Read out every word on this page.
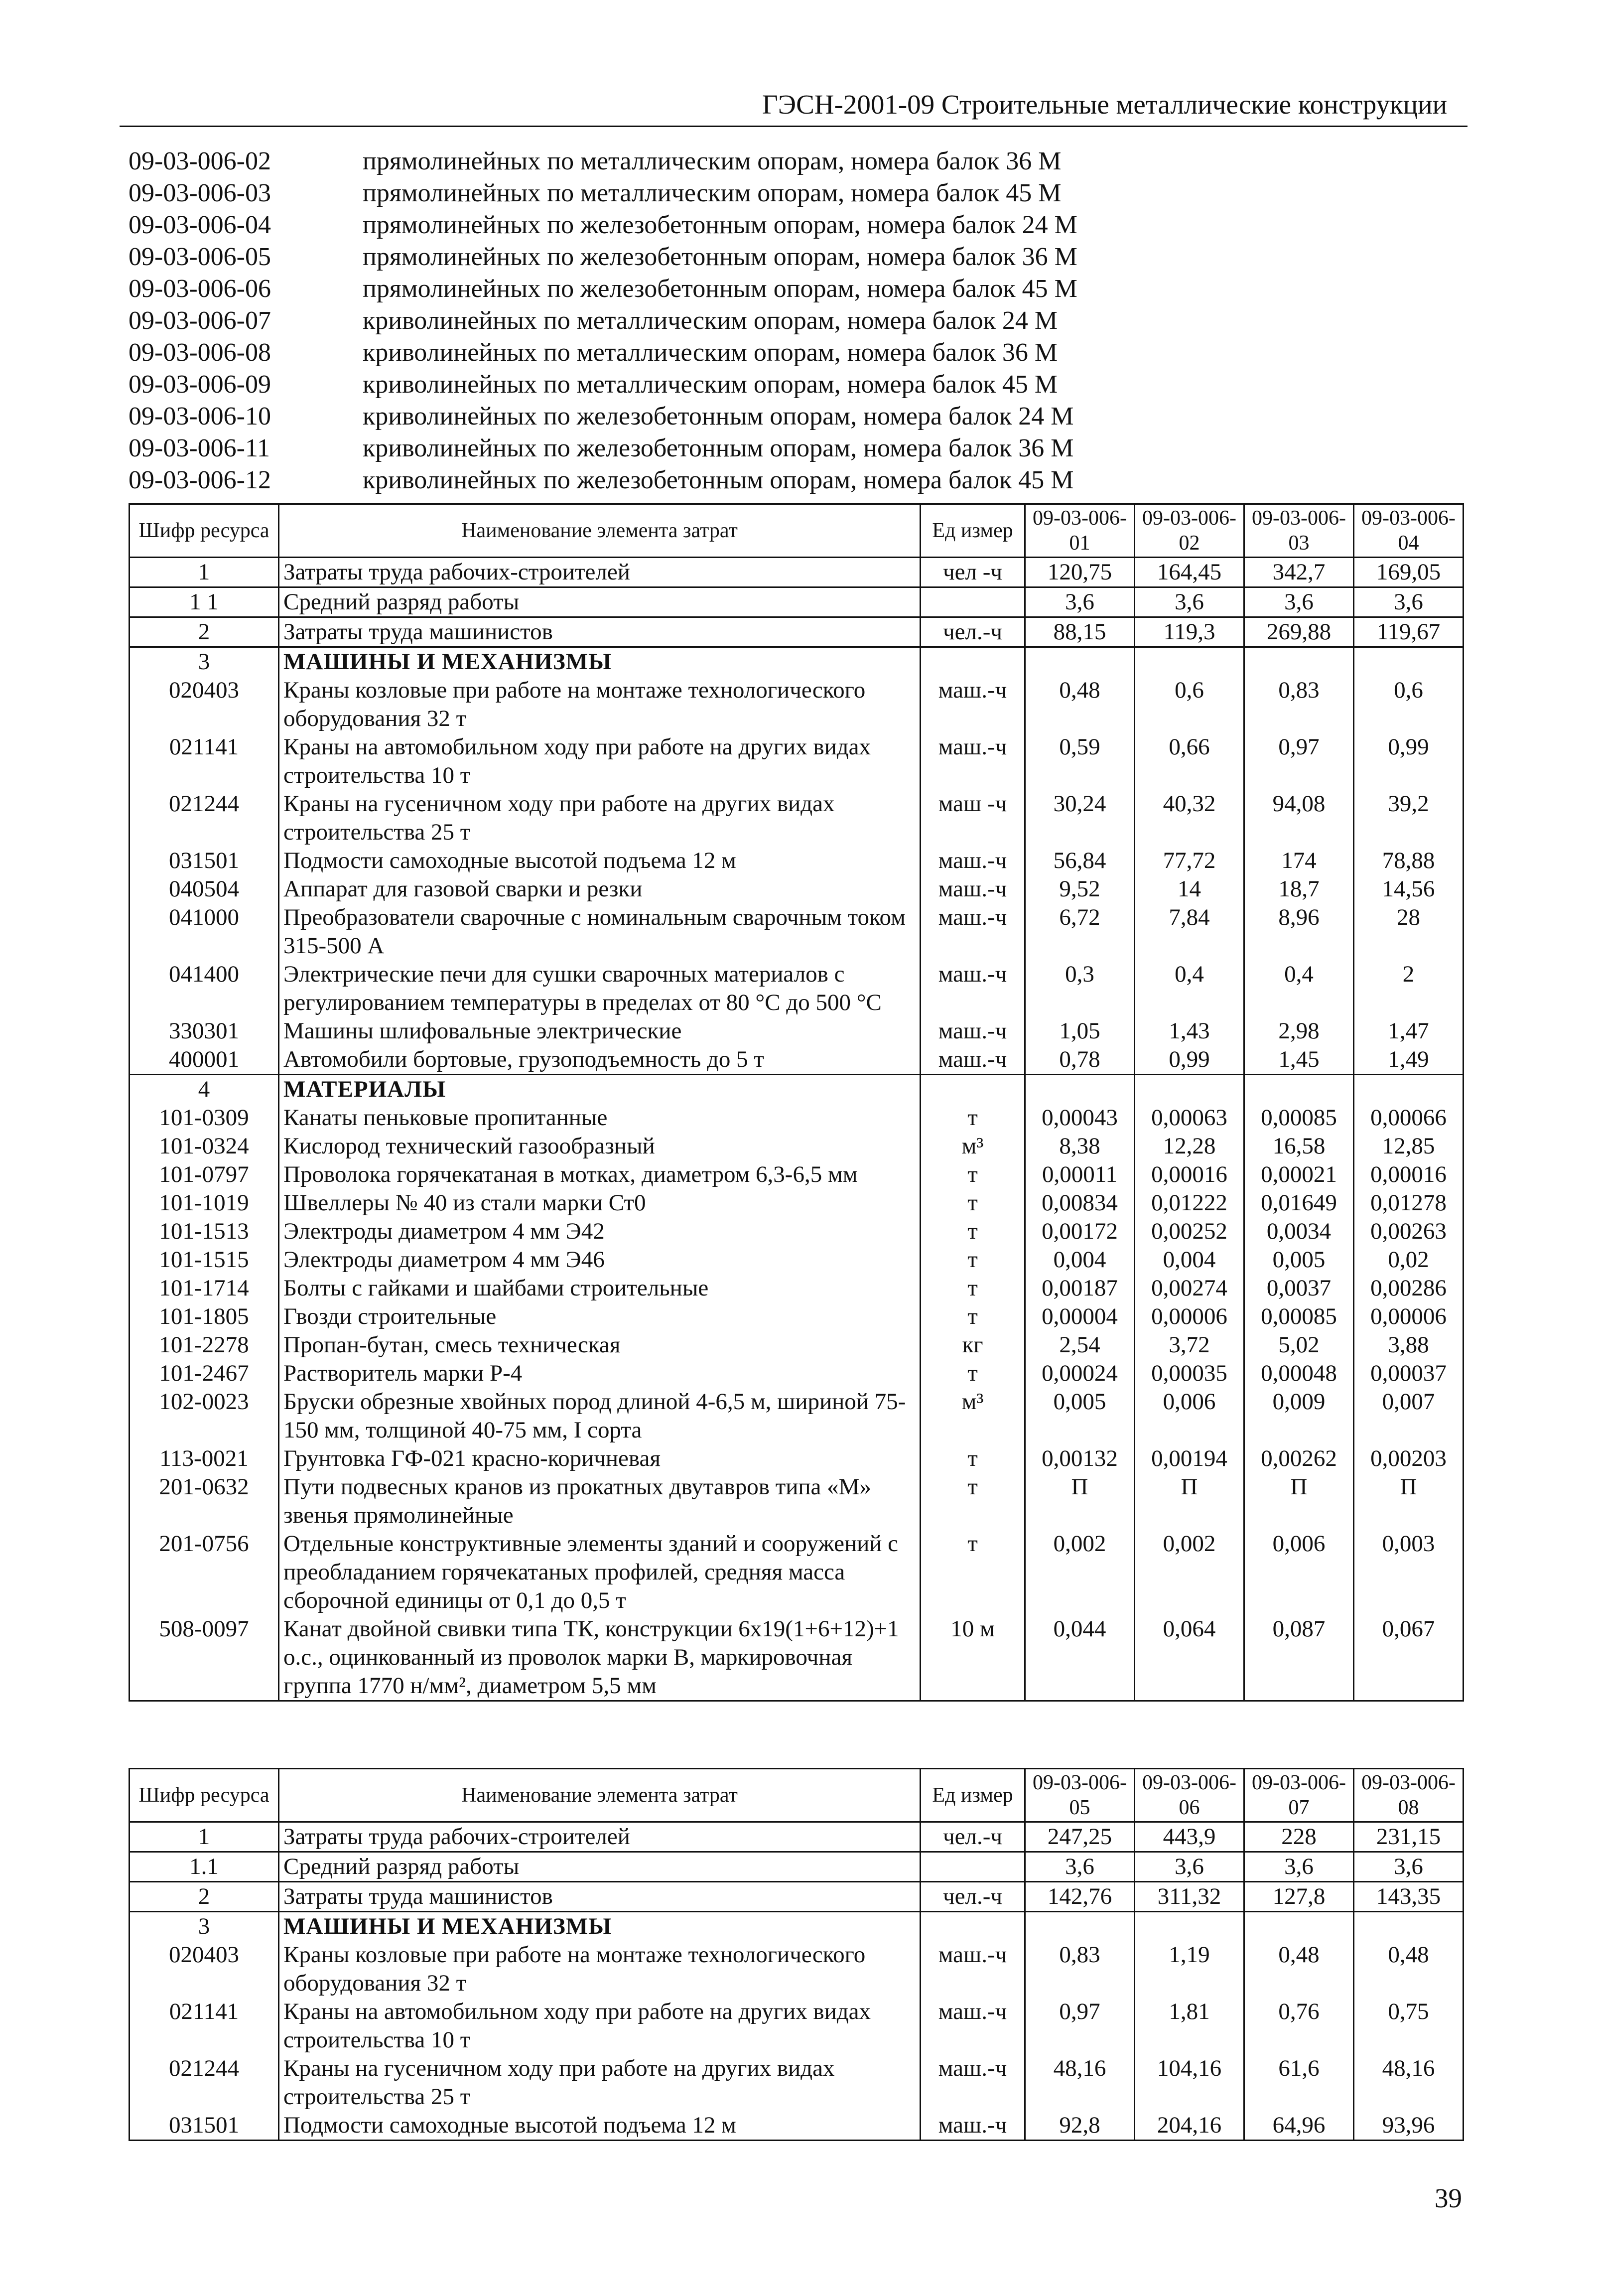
ГЭСН-2001-09 Строительные металлические конструкции
09-03-006-02	прямолинейных по металлическим опорам, номера балок 36 М
09-03-006-03	прямолинейных по металлическим опорам, номера балок 45 М
09-03-006-04	прямолинейных по железобетонным опорам, номера балок 24 М
09-03-006-05	прямолинейных по железобетонным опорам, номера балок 36 М
09-03-006-06	прямолинейных по железобетонным опорам, номера балок 45 М
09-03-006-07	криволинейных по металлическим опорам, номера балок 24 М
09-03-006-08	криволинейных по металлическим опорам, номера балок 36 М
09-03-006-09	криволинейных по металлическим опорам, номера балок 45 М
09-03-006-10	криволинейных по железобетонным опорам, номера балок 24 М
09-03-006-11	криволинейных по железобетонным опорам, номера балок 36 М
09-03-006-12	криволинейных по железобетонным опорам, номера балок 45 М
Шифр ресурса	Наименование элемента затрат	Ед измер	09-03-006-01	09-03-006-02	09-03-006-03	09-03-006-04
1	Затраты труда рабочих-строителей	чел -ч	120,75	164,45	342,7	169,05
1 1	Средний разряд работы		3,6	3,6	3,6	3,6
2	Затраты труда машинистов	чел.-ч	88,15	119,3	269,88	119,67
3	МАШИНЫ И МЕХАНИЗМЫ					
020403	Краны козловые при работе на монтаже технологического оборудования 32 т	маш.-ч	0,48	0,6	0,83	0,6
021141	Краны на автомобильном ходу при работе на других видах строительства 10 т	маш.-ч	0,59	0,66	0,97	0,99
021244	Краны на гусеничном ходу при работе на других видах строительства 25 т	маш -ч	30,24	40,32	94,08	39,2
031501	Подмости самоходные высотой подъема 12 м	маш.-ч	56,84	77,72	174	78,88
040504	Аппарат для газовой сварки и резки	маш.-ч	9,52	14	18,7	14,56
041000	Преобразователи сварочные с номинальным сварочным током 315-500 А	маш.-ч	6,72	7,84	8,96	28
041400	Электрические печи для сушки сварочных материалов с регулированием температуры в пределах от 80 °С до 500 °С	маш.-ч	0,3	0,4	0,4	2
330301	Машины шлифовальные электрические	маш.-ч	1,05	1,43	2,98	1,47
400001	Автомобили бортовые, грузоподъемность до 5 т	маш.-ч	0,78	0,99	1,45	1,49
4	МАТЕРИАЛЫ					
101-0309	Канаты пеньковые пропитанные	т	0,00043	0,00063	0,00085	0,00066
101-0324	Кислород технический газообразный	м³	8,38	12,28	16,58	12,85
101-0797	Проволока горячекатаная в мотках, диаметром 6,3-6,5 мм	т	0,00011	0,00016	0,00021	0,00016
101-1019	Швеллеры № 40 из стали марки Ст0	т	0,00834	0,01222	0,01649	0,01278
101-1513	Электроды диаметром 4 мм Э42	т	0,00172	0,00252	0,0034	0,00263
101-1515	Электроды диаметром 4 мм Э46	т	0,004	0,004	0,005	0,02
101-1714	Болты с гайками и шайбами строительные	т	0,00187	0,00274	0,0037	0,00286
101-1805	Гвозди строительные	т	0,00004	0,00006	0,00085	0,00006
101-2278	Пропан-бутан, смесь техническая	кг	2,54	3,72	5,02	3,88
101-2467	Растворитель марки Р-4	т	0,00024	0,00035	0,00048	0,00037
102-0023	Бруски обрезные хвойных пород длиной 4-6,5 м, шириной 75-150 мм, толщиной 40-75 мм, I сорта	м³	0,005	0,006	0,009	0,007
113-0021	Грунтовка ГФ-021 красно-коричневая	т	0,00132	0,00194	0,00262	0,00203
201-0632	Пути подвесных кранов из прокатных двутавров типа «М» звенья прямолинейные	т	П	П	П	П
201-0756	Отдельные конструктивные элементы зданий и сооружений с преобладанием горячекатаных профилей, средняя масса сборочной единицы от 0,1 до 0,5 т	т	0,002	0,002	0,006	0,003
508-0097	Канат двойной свивки типа ТК, конструкции 6х19(1+6+12)+1 о.с., оцинкованный из проволок марки В, маркировочная группа 1770 н/мм², диаметром 5,5 мм	10 м	0,044	0,064	0,087	0,067
Шифр ресурса	Наименование элемента затрат	Ед измер	09-03-006-05	09-03-006-06	09-03-006-07	09-03-006-08
1	Затраты труда рабочих-строителей	чел.-ч	247,25	443,9	228	231,15
1.1	Средний разряд работы		3,6	3,6	3,6	3,6
2	Затраты труда машинистов	чел.-ч	142,76	311,32	127,8	143,35
3	МАШИНЫ И МЕХАНИЗМЫ					
020403	Краны козловые при работе на монтаже технологического оборудования 32 т	маш.-ч	0,83	1,19	0,48	0,48
021141	Краны на автомобильном ходу при работе на других видах строительства 10 т	маш.-ч	0,97	1,81	0,76	0,75
021244	Краны на гусеничном ходу при работе на других видах строительства 25 т	маш.-ч	48,16	104,16	61,6	48,16
031501	Подмости самоходные высотой подъема 12 м	маш.-ч	92,8	204,16	64,96	93,96
39
